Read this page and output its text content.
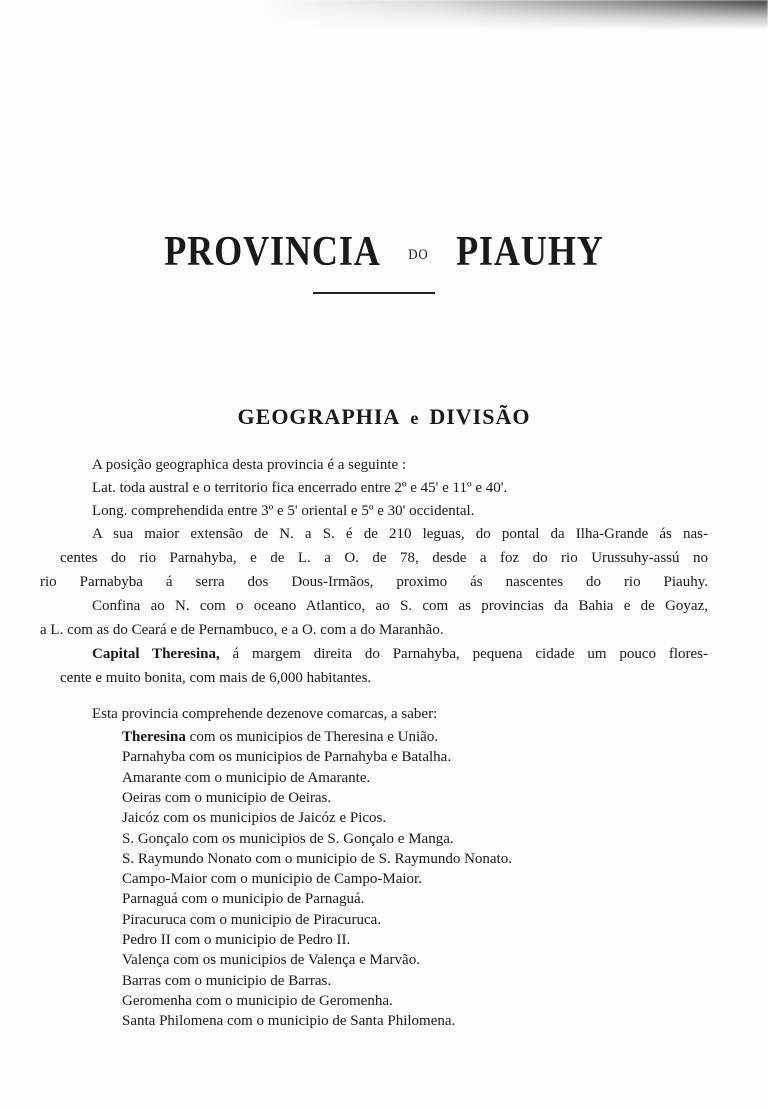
PROVINCIA DO PIAUHY
GEOGRAPHIA e DIVISÃO
A posição geographica desta provincia é a seguinte :
Lat. toda austral e o territorio fica encerrado entre 2º e 45' e 11º e 40'.
Long. comprehendida entre 3º e 5' oriental e 5º e 30' occidental.
A sua maior extensão de N. a S. é de 210 leguas, do pontal da Ilha-Grande ás nas-
centes do rio Parnahyba, e de L. a O. de 78, desde a foz do rio Urussuhy-assú no
rio Parnabyba á serra dos Dous-Irmãos, proximo ás nascentes do rio Piauhy.
Confina ao N. com o oceano Atlantico, ao S. com as provincias da Bahia e de Goyaz,
a L. com as do Ceará e de Pernambuco, e a O. com a do Maranhão.
Capital Theresina, á margem direita do Parnahyba, pequena cidade um pouco flores-
cente e muito bonita, com mais de 6,000 habitantes.
Esta provincia comprehende dezenove comarcas, a saber:
Theresina com os municipios de Theresina e União.
Parnahyba com os municipios de Parnahyba e Batalha.
Amarante com o municipio de Amarante.
Oeiras com o municipio de Oeiras.
Jaicóz com os municipios de Jaicóz e Picos.
S. Gonçalo com os municipios de S. Gonçalo e Manga.
S. Raymundo Nonato com o municipio de S. Raymundo Nonato.
Campo-Maior com o municipio de Campo-Maior.
Parnaguá com o municipio de Parnaguá.
Piracuruca com o municipio de Piracuruca.
Pedro II com o municipio de Pedro II.
Valença com os municipios de Valença e Marvão.
Barras com o municipio de Barras.
Geromenha com o municipio de Geromenha.
Santa Philomena com o municipio de Santa Philomena.
